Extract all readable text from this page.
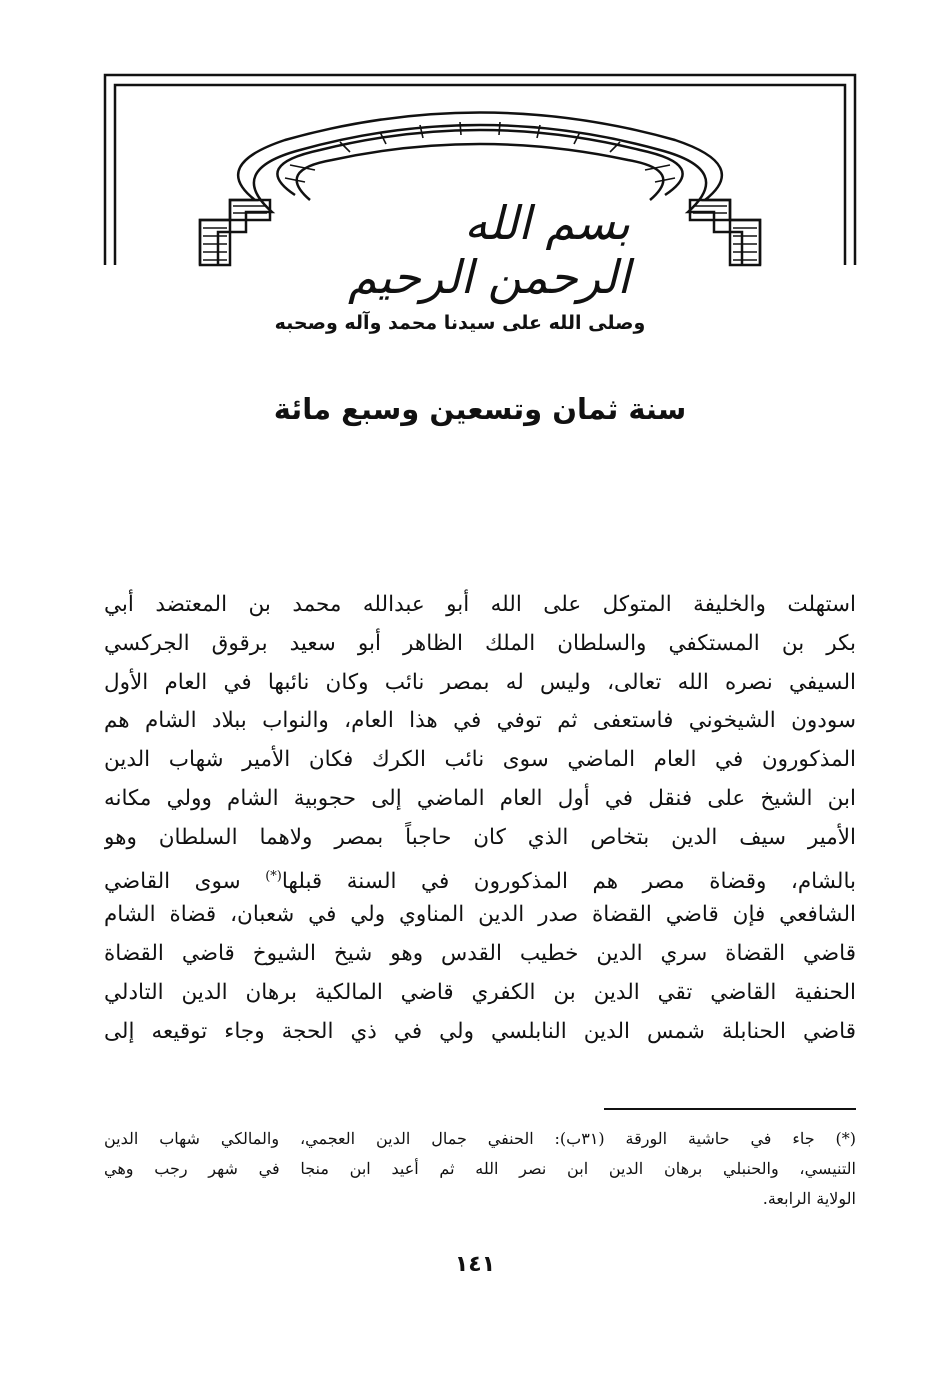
بسم الله الرحمن الرحيم
وصلى الله على سيدنا محمد وآله وصحبه
سنة ثمان وتسعين وسبع مائة
استهلت والخليفة المتوكل على الله أبو عبدالله محمد بن المعتضد أبي
بكر بن المستكفي والسلطان الملك الظاهر أبو سعيد برقوق الجركسي
السيفي نصره الله تعالى، وليس له بمصر نائب وكان نائبها في العام الأول
سودون الشيخوني فاستعفى ثم توفي في هذا العام، والنواب ببلاد الشام هم
المذكورون في العام الماضي سوى نائب الكرك فكان الأمير شهاب الدين
ابن الشيخ على فنقل في أول العام الماضي إلى حجوبية الشام وولي مكانه
الأمير سيف الدين بتخاص الذي كان حاجباً بمصر ولاهما السلطان وهو
بالشام، وقضاة مصر هم المذكورون في السنة قبلها(*) سوى القاضي
الشافعي فإن قاضي القضاة صدر الدين المناوي ولي في شعبان، قضاة الشام
قاضي القضاة سري الدين خطيب القدس وهو شيخ الشيوخ قاضي القضاة
الحنفية القاضي تقي الدين بن الكفري قاضي المالكية برهان الدين التادلي
قاضي الحنابلة شمس الدين النابلسي ولي في ذي الحجة وجاء توقيعه إلى
(*) جاء في حاشية الورقة (٣١ب): الحنفي جمال الدين العجمي، والمالكي شهاب الدين
التنيسي، والحنبلي برهان الدين ابن نصر الله ثم أعيد ابن منجا في شهر رجب وهي
الولاية الرابعة.
١٤١
